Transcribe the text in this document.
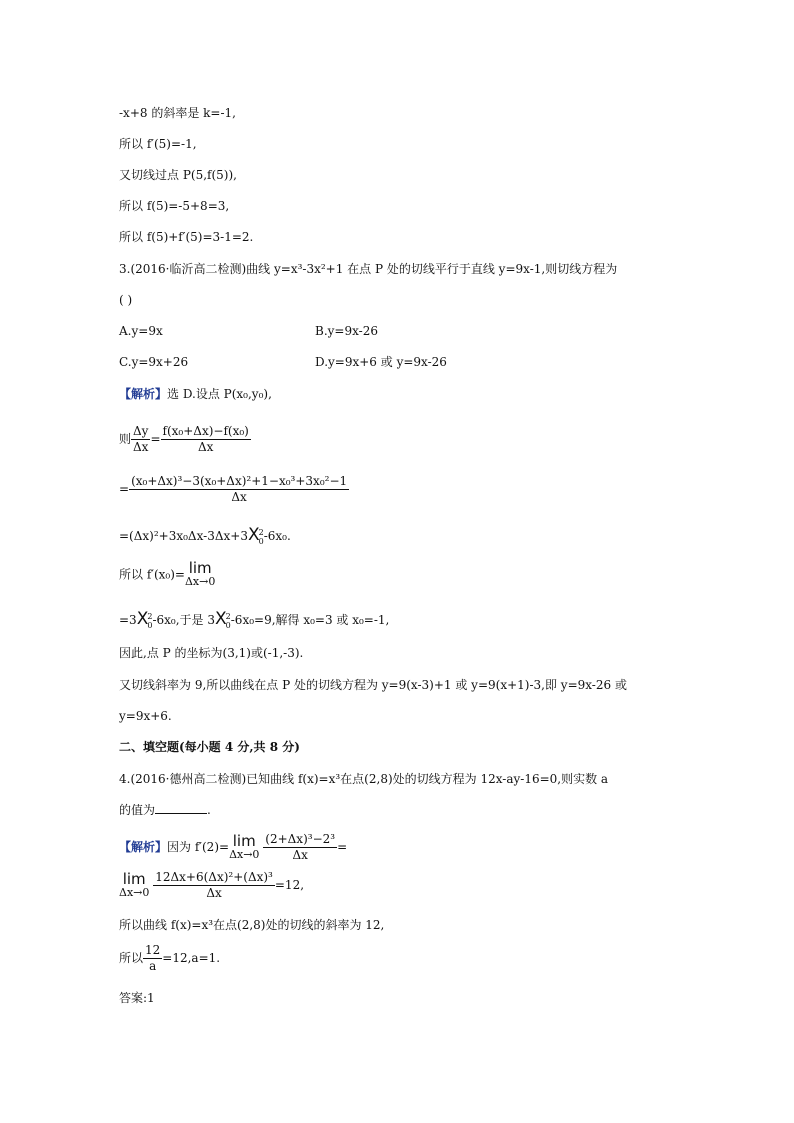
-x+8 的斜率是 k=-1,
所以 f′(5)=-1,
又切线过点 P(5,f(5)),
所以 f(5)=-5+8=3,
所以 f(5)+f′(5)=3-1=2.
3.(2016·临沂高二检测)曲线 y=x³-3x²+1 在点 P 处的切线平行于直线 y=9x-1,则切线方程为
( )
A.y=9x	B.y=9x-26
C.y=9x+26	D.y=9x+6 或 y=9x-26
【解析】选 D.设点 P(x₀,y₀),
则 $\frac{\Delta y}{\Delta x} = \frac{\text{f(x₀+Δx)−f(x₀)}}{\Delta x}$
= $\frac{\text{(x₀+Δx)³−3(x₀+Δx)²+1−x₀³+3x₀²−1}}{\Delta x}$
=(Δx)²+3x₀Δx-3Δx+3X 2
0 -6x₀.
所以 f′(x₀)= lim
Δx→0
=3X 2
0 -6x₀,于是 3X 2
0 -6x₀=9,解得 x₀=3 或 x₀=-1,
因此,点 P 的坐标为(3,1)或(-1,-3).
又切线斜率为 9,所以曲线在点 P 处的切线方程为 y=9(x-3)+1 或 y=9(x+1)-3,即 y=9x-26 或
y=9x+6.
二、填空题(每小题 4 分,共 8 分)
4.(2016·德州高二检测)已知曲线 f(x)=x³在点(2,8)处的切线方程为 12x-ay-16=0,则实数 a
的值为	.
【解析】因为 f′(2)= lim
Δx→0
$\frac{\text{(2+Δx)³−2³}}{\Delta x}$ =
lim
Δx→0
$\frac{\text{12Δx+6(Δx)²+(Δx)³}}{\Delta x} =12$,
所以曲线 f(x)=x³在点(2,8)处的切线的斜率为 12,
所以 $\frac{12}{a} =12,a=1$.
答案:1
